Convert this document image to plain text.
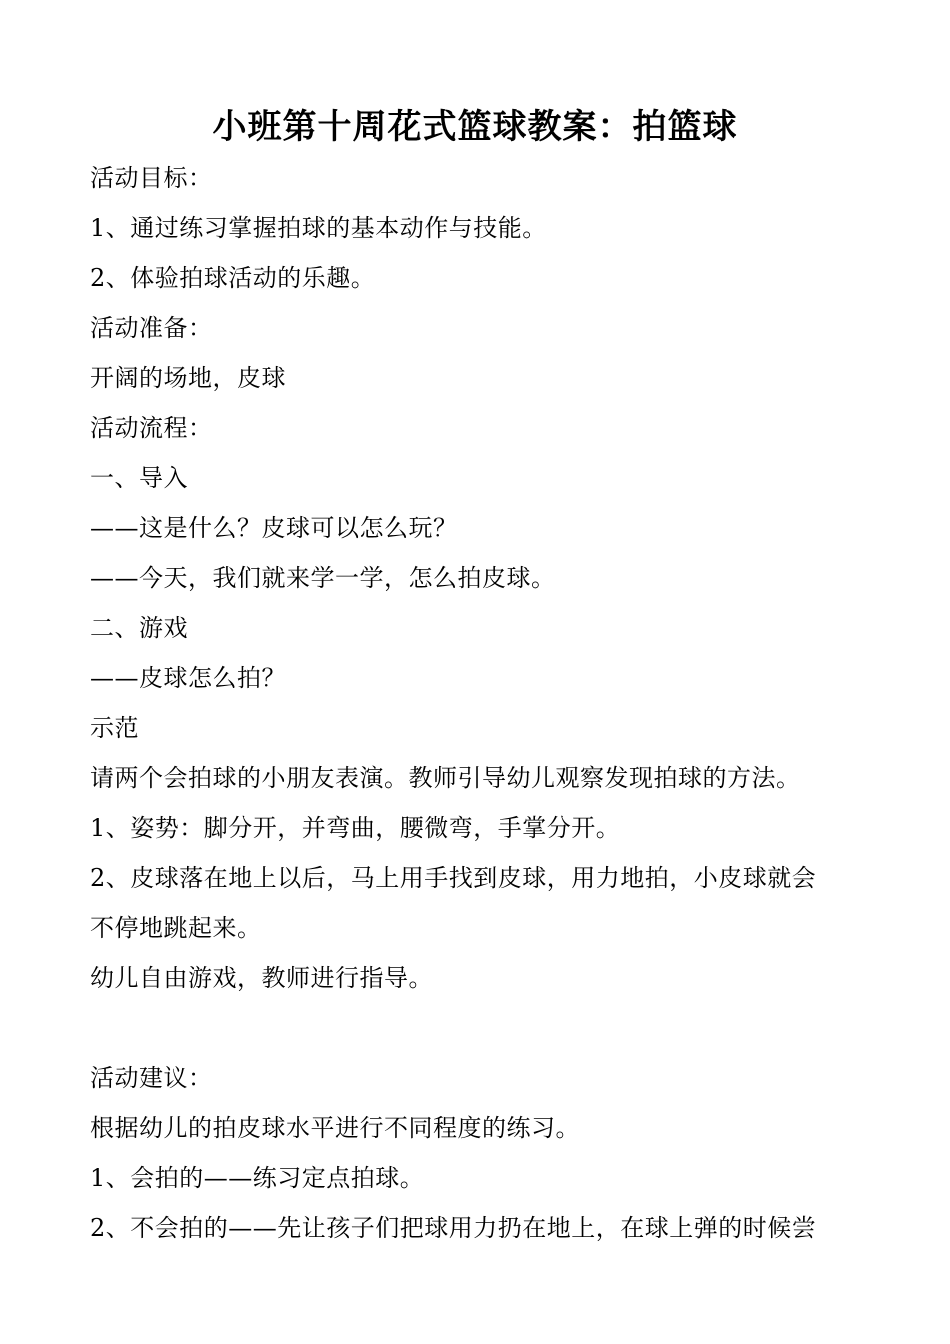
小班第十周花式篮球教案：拍篮球
活动目标：
1、通过练习掌握拍球的基本动作与技能。
2、体验拍球活动的乐趣。
活动准备：
开阔的场地，皮球
活动流程：
一、导入
——这是什么？皮球可以怎么玩？
——今天，我们就来学一学，怎么拍皮球。
二、游戏
——皮球怎么拍？
示范
请两个会拍球的小朋友表演。教师引导幼儿观察发现拍球的方法。
1、姿势：脚分开，并弯曲，腰微弯，手掌分开。
2、皮球落在地上以后，马上用手找到皮球，用力地拍，小皮球就会
不停地跳起来。
幼儿自由游戏，教师进行指导。
活动建议：
根据幼儿的拍皮球水平进行不同程度的练习。
1、会拍的——练习定点拍球。
2、不会拍的——先让孩子们把球用力扔在地上，在球上弹的时候尝
